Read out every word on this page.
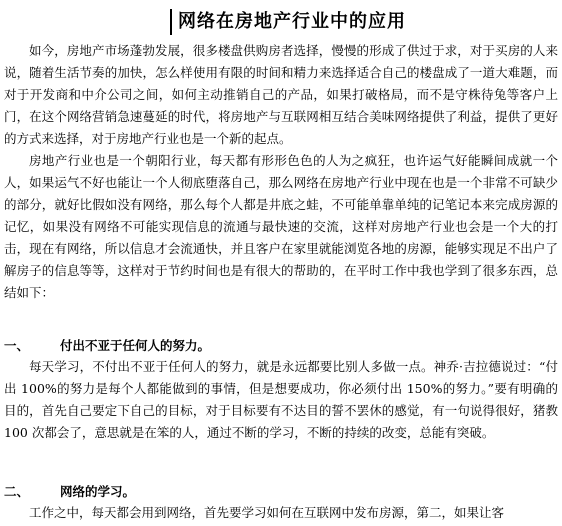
网络在房地产行业中的应用

如今，房地产市场蓬勃发展，很多楼盘供购房者选择，慢慢的形成了供过于求，对于买房的人来说，随着生活节奏的加快，怎么样使用有限的时间和精力来选择适合自己的楼盘成了一道大难题，而对于开发商和中介公司之间，如何主动推销自己的产品，如果打破格局，而不是守株待兔等客户上门，在这个网络营销急速蔓延的时代，将房地产与互联网相互结合美味网络提供了利益，提供了更好的方式来选择，对于房地产行业也是一个新的起点。

房地产行业也是一个朝阳行业，每天都有形形色色的人为之疯狂，也许运气好能瞬间成就一个人，如果运气不好也能让一个人彻底堕落自己，那么网络在房地产行业中现在也是一个非常不可缺少的部分，就好比假如没有网络，那么每个人都是井底之蛙，不可能单靠单纯的记笔记本来完成房源的记忆，如果没有网络不可能实现信息的流通与最快速的交流，这样对房地产行业也会是一个大的打击，现在有网络，所以信息才会流通快，并且客户在家里就能浏览各地的房源，能够实现足不出户了解房子的信息等等，这样对于节约时间也是有很大的帮助的，在平时工作中我也学到了很多东西，总结如下：

一、 付出不亚于任何人的努力。

每天学习，不付出不亚于任何人的努力，就是永远都要比别人多做一点。神乔·吉拉德说过：“付出 100%的努力是每个人都能做到的事情，但是想要成功，你必须付出 150%的努力。”要有明确的目的，首先自己要定下自己的目标，对于目标要有不达目的誓不罢休的感觉，有一句说得很好，猪教 100 次都会了，意思就是在笨的人，通过不断的学习，不断的持续的改变，总能有突破。

二、 网络的学习。

工作之中，每天都会用到网络，首先要学习如何在互联网中发布房源，第二，如果让客
